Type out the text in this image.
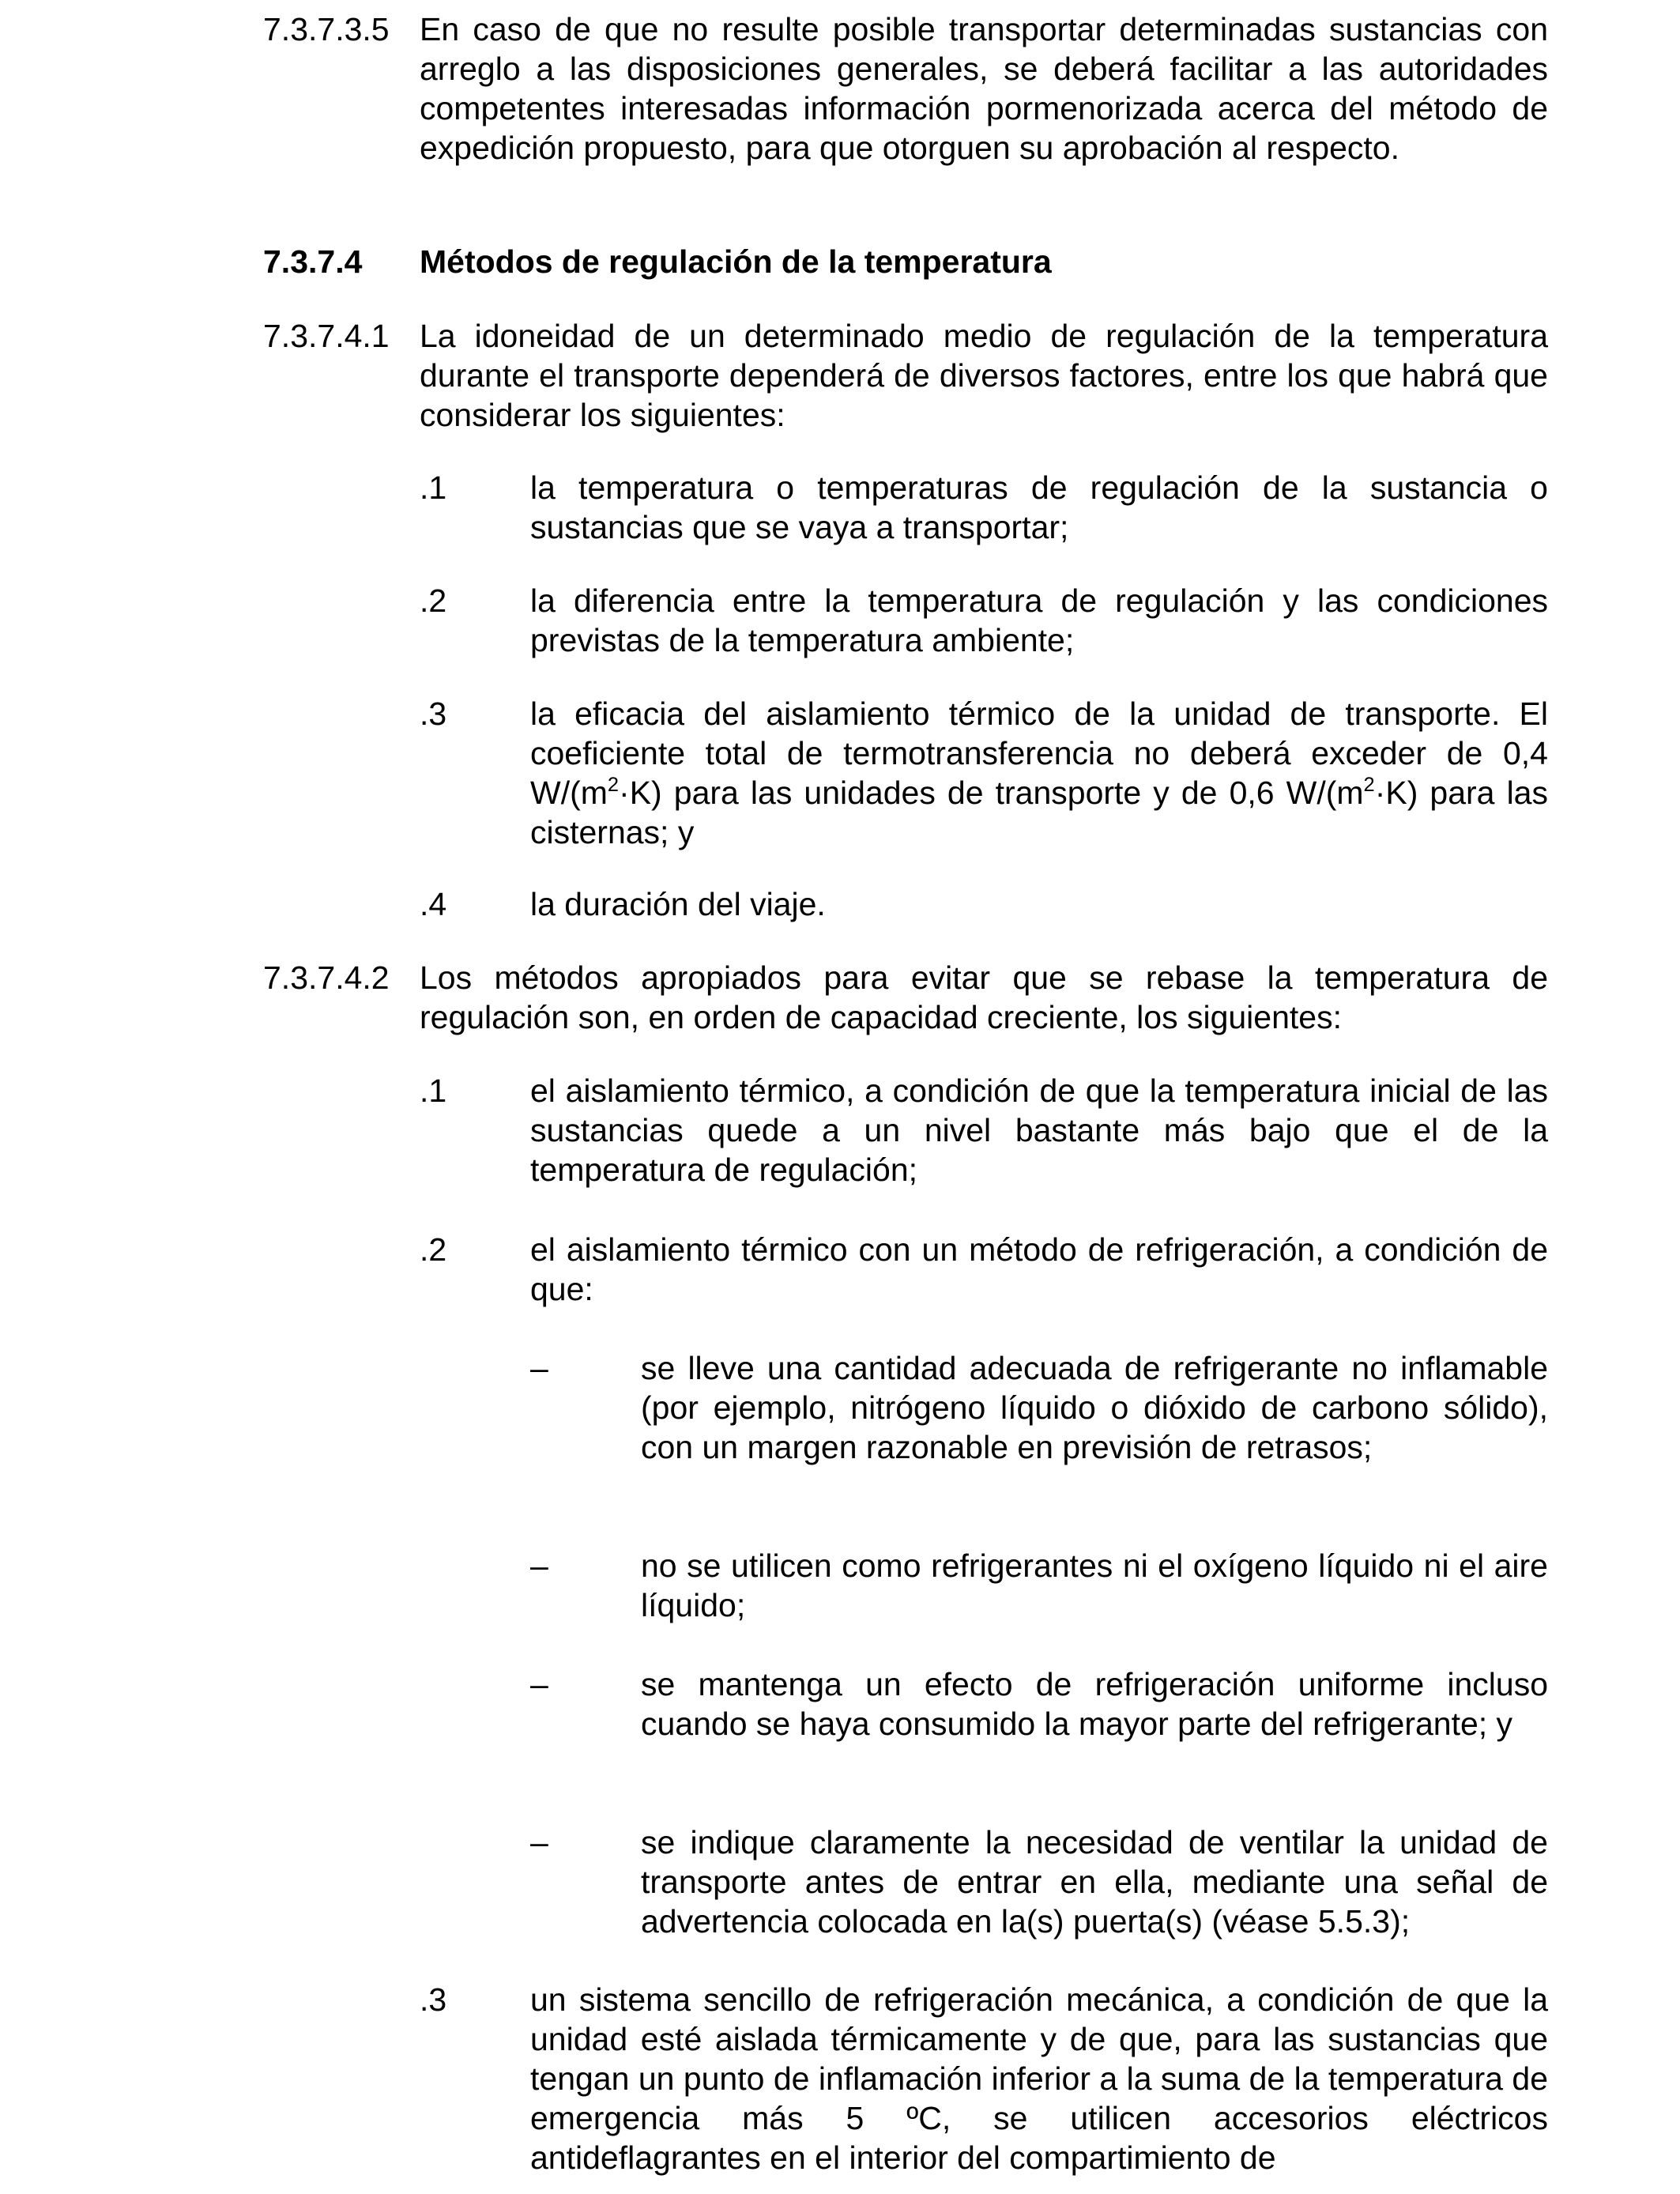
7.3.7.3.5 En caso de que no resulte posible transportar determinadas sustancias con arreglo a las disposiciones generales, se deberá facilitar a las autoridades competentes interesadas información pormenorizada acerca del método de expedición propuesto, para que otorguen su aprobación al respecto.
7.3.7.4 Métodos de regulación de la temperatura
7.3.7.4.1 La idoneidad de un determinado medio de regulación de la temperatura durante el transporte dependerá de diversos factores, entre los que habrá que considerar los siguientes:
.1	la temperatura o temperaturas de regulación de la sustancia o sustancias que se vaya a transportar;
.2	la diferencia entre la temperatura de regulación y las condiciones previstas de la temperatura ambiente;
.3	la eficacia del aislamiento térmico de la unidad de transporte. El coeficiente total de termotransferencia no deberá exceder de 0,4 $W/(m^2\cdot K)$ para las unidades de transporte y de 0,6 $W/(m^2\cdot K)$ para las cisternas; y
.4	la duración del viaje.
7.3.7.4.2 Los métodos apropiados para evitar que se rebase la temperatura de regulación son, en orden de capacidad creciente, los siguientes:
.1	el aislamiento térmico, a condición de que la temperatura inicial de las sustancias quede a un nivel bastante más bajo que el de la temperatura de regulación;
.2	el aislamiento térmico con un método de refrigeración, a condición de que:
–	se lleve una cantidad adecuada de refrigerante no inflamable (por ejemplo, nitrógeno líquido o dióxido de carbono sólido), con un margen razonable en previsión de retrasos;
–	no se utilicen como refrigerantes ni el oxígeno líquido ni el aire líquido;
–	se mantenga un efecto de refrigeración uniforme incluso cuando se haya consumido la mayor parte del refrigerante; y
–	se indique claramente la necesidad de ventilar la unidad de transporte antes de entrar en ella, mediante una señal de advertencia colocada en la(s) puerta(s) (véase 5.5.3);
.3	un sistema sencillo de refrigeración mecánica, a condición de que la unidad esté aislada térmicamente y de que, para las sustancias que tengan un punto de inflamación inferior a la suma de la temperatura de emergencia más 5 ºC, se utilicen accesorios eléctricos antideflagrantes en el interior del compartimiento de
